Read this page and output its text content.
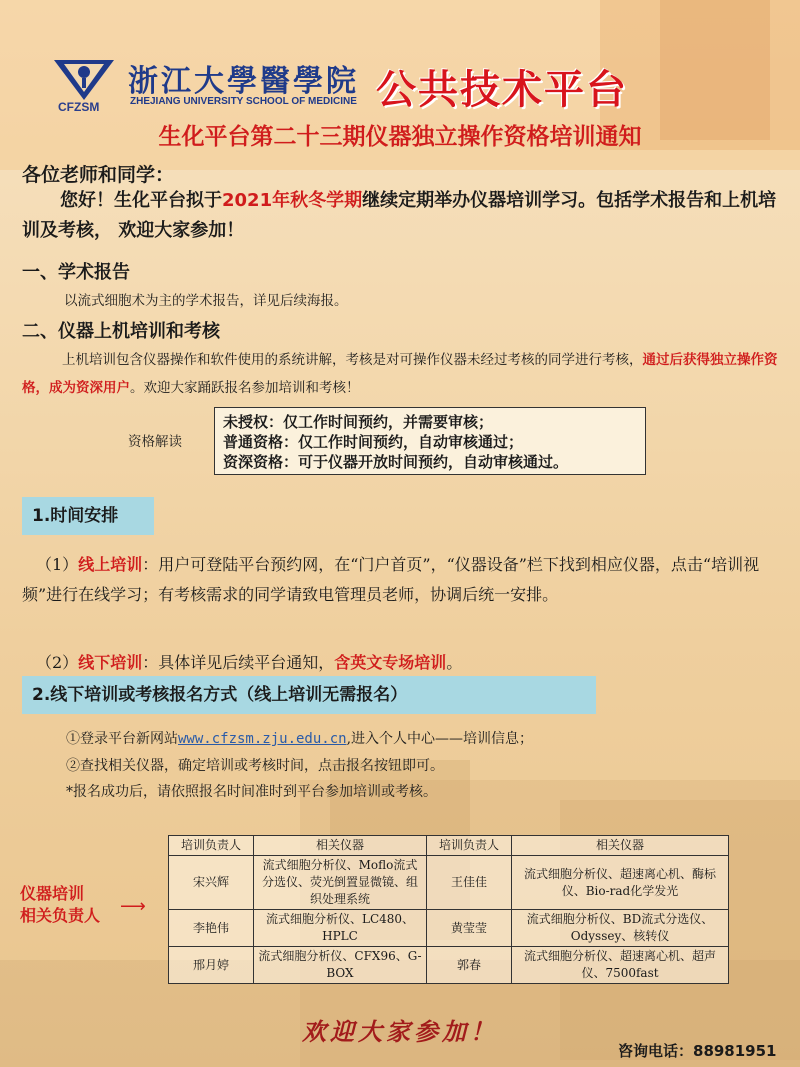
CFZSM
浙江大學醫學院
ZHEJIANG UNIVERSITY SCHOOL OF MEDICINE 公共技术平台
生化平台第二十三期仪器独立操作资格培训通知
各位老师和同学：
您好！生化平台拟于2021年秋冬学期继续定期举办仪器培训学习。包括学术报告和上机培训及考核， 欢迎大家参加！
一、学术报告
以流式细胞术为主的学术报告，详见后续海报。
二、仪器上机培训和考核
上机培训包含仪器操作和软件使用的系统讲解，考核是对可操作仪器未经过考核的同学进行考核，通过后获得独立操作资格，成为资深用户。欢迎大家踊跃报名参加培训和考核！
资格解读
未授权：仅工作时间预约，并需要审核；
普通资格：仅工作时间预约，自动审核通过；
资深资格：可于仪器开放时间预约，自动审核通过。
1.时间安排
（1）线上培训：用户可登陆平台预约网，在“门户首页”，“仪器设备”栏下找到相应仪器，点击“培训视频”进行在线学习；有考核需求的同学请致电管理员老师，协调后统一安排。
（2）线下培训：具体详见后续平台通知，含英文专场培训。
2.线下培训或考核报名方式（线上培训无需报名）
①登录平台新网站www.cfzsm.zju.edu.cn,进入个人中心——培训信息；
②查找相关仪器，确定培训或考核时间，点击报名按钮即可。
*报名成功后，请依照报名时间准时到平台参加培训或考核。
仪器培训
相关负责人 ⟶
培训负责人	相关仪器	培训负责人	相关仪器
宋兴辉	流式细胞分析仪、Moflo流式分选仪、荧光倒置显微镜、组织处理系统	王佳佳	流式细胞分析仪、超速离心机、酶标仪、Bio-rad化学发光
李艳伟	流式细胞分析仪、LC480、HPLC	黄莹莹	流式细胞分析仪、BD流式分选仪、Odyssey、核转仪
邢月婷	流式细胞分析仪、CFX96、G-BOX	郭春	流式细胞分析仪、超速离心机、超声仪、7500fast
欢迎大家参加！
咨询电话：88981951
